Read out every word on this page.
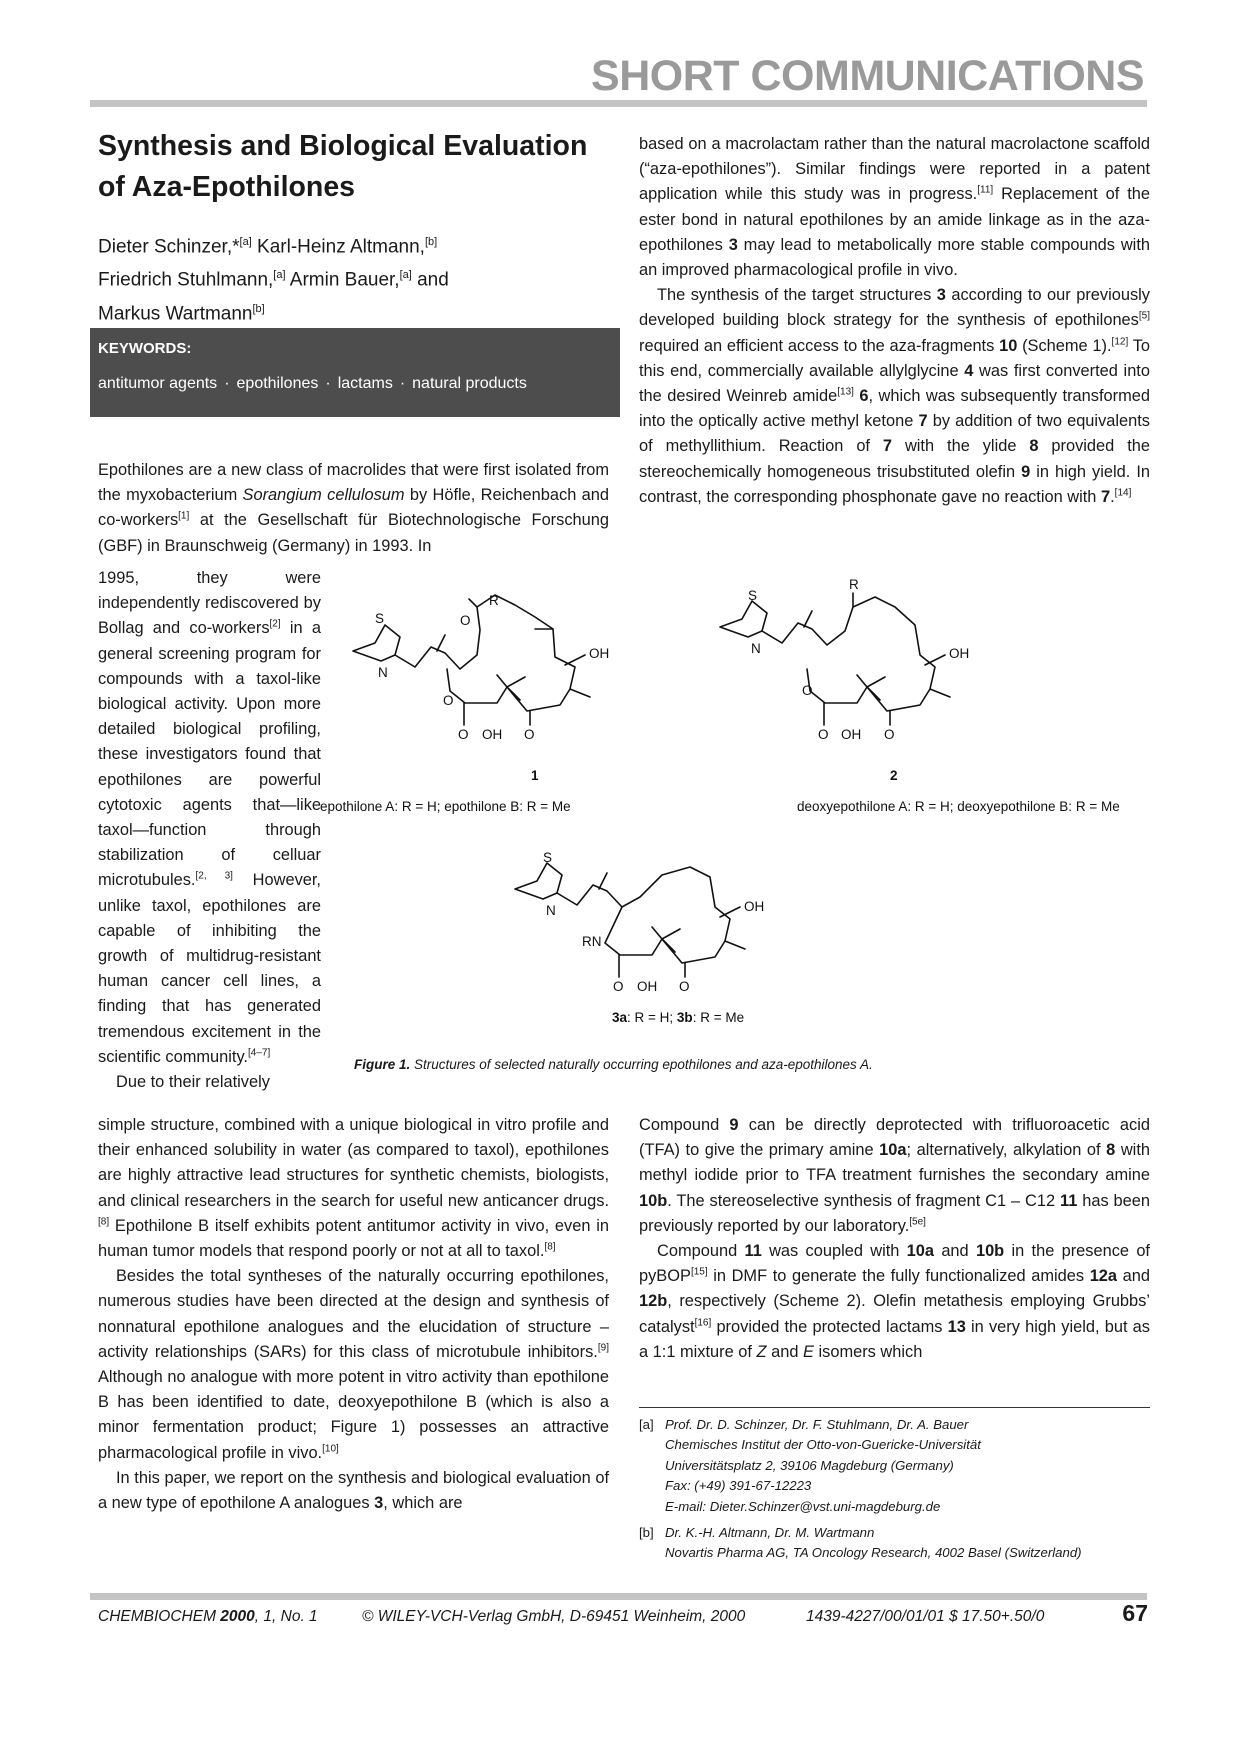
SHORT COMMUNICATIONS
Synthesis and Biological Evaluation
of Aza-Epothilones
Dieter Schinzer,*[a] Karl-Heinz Altmann,[b]
Friedrich Stuhlmann,[a] Armin Bauer,[a] and
Markus Wartmann[b]
KEYWORDS:
antitumor agents · epothilones · lactams · natural products

Epothilones are a new class of macrolides that were first isolated from the myxobacterium Sorangium cellulosum by Höfle, Reichenbach and co-workers[1] at the Gesellschaft für Biotechnologische Forschung (GBF) in Braunschweig (Germany) in 1993. In

1995, they were independently rediscovered by Bollag and co-workers[2] in a general screening program for compounds with a taxol-like biological activity. Upon more detailed biological profiling, these investigators found that epothilones are powerful cytotoxic agents that—like taxol—function through stabilization of celluar microtubules.[2, 3] However, unlike taxol, epothilones are capable of inhibiting the growth of multidrug-resistant human cancer cell lines, a finding that has generated tremendous excitement in the scientific community.[4–7]

Due to their relatively

simple structure, combined with a unique biological in vitro profile and their enhanced solubility in water (as compared to taxol), epothilones are highly attractive lead structures for synthetic chemists, biologists, and clinical researchers in the search for useful new anticancer drugs.[8] Epothilone B itself exhibits potent antitumor activity in vivo, even in human tumor models that respond poorly or not at all to taxol.[8]

Besides the total syntheses of the naturally occurring epothilones, numerous studies have been directed at the design and synthesis of nonnatural epothilone analogues and the elucidation of structure – activity relationships (SARs) for this class of microtubule inhibitors.[9] Although no analogue with more potent in vitro activity than epothilone B has been identified to date, deoxyepothilone B (which is also a minor fermentation product; Figure 1) possesses an attractive pharmacological profile in vivo.[10]

In this paper, we report on the synthesis and biological evaluation of a new type of epothilone A analogues 3, which are

based on a macrolactam rather than the natural macrolactone scaffold (“aza-epothilones”). Similar findings were reported in a patent application while this study was in progress.[11] Replacement of the ester bond in natural epothilones by an amide linkage as in the aza-epothilones 3 may lead to metabolically more stable compounds with an improved pharmacological profile in vivo.

The synthesis of the target structures 3 according to our previously developed building block strategy for the synthesis of epothilones[5] required an efficient access to the aza-fragments 10 (Scheme 1).[12] To this end, commercially available allylglycine 4 was first converted into the desired Weinreb amide[13] 6, which was subsequently transformed into the optically active methyl ketone 7 by addition of two equivalents of methyllithium. Reaction of 7 with the ylide 8 provided the stereochemically homogeneous trisubstituted olefin 9 in high yield. In contrast, the corresponding phosphonate gave no reaction with 7.[14]

Compound 9 can be directly deprotected with trifluoroacetic acid (TFA) to give the primary amine 10a; alternatively, alkylation of 8 with methyl iodide prior to TFA treatment furnishes the secondary amine 10b. The stereoselective synthesis of fragment C1 – C12 11 has been previously reported by our laboratory.[5e]

Compound 11 was coupled with 10a and 10b in the presence of pyBOP[15] in DMF to generate the fully functionalized amides 12a and 12b, respectively (Scheme 2). Olefin metathesis employing Grubbs’ catalyst[16] provided the protected lactams 13 in very high yield, but as a 1:1 mixture of Z and E isomers which

S
N
O
O OH O
OH
O
R
1
epothilone A: R = H; epothilone B: R = Me
S
N
O
O OH O
OH
R
2
deoxyepothilone A: R = H; deoxyepothilone B: R = Me
S
N
RN
O OH O
OH
3a: R = H; 3b: R = Me
Figure 1. Structures of selected naturally occurring epothilones and aza-epothilones A.
[a] Prof. Dr. D. Schinzer, Dr. F. Stuhlmann, Dr. A. Bauer
Chemisches Institut der Otto-von-Guericke-Universität
Universitätsplatz 2, 39106 Magdeburg (Germany)
Fax: (+49) 391-67-12223
E-mail: Dieter.Schinzer@vst.uni-magdeburg.de
[b] Dr. K.-H. Altmann, Dr. M. Wartmann
Novartis Pharma AG, TA Oncology Research, 4002 Basel (Switzerland)
CHEMBIOCHEM 2000, 1, No. 1	© WILEY-VCH-Verlag GmbH, D-69451 Weinheim, 2000	1439-4227/00/01/01 $ 17.50+.50/0	67
